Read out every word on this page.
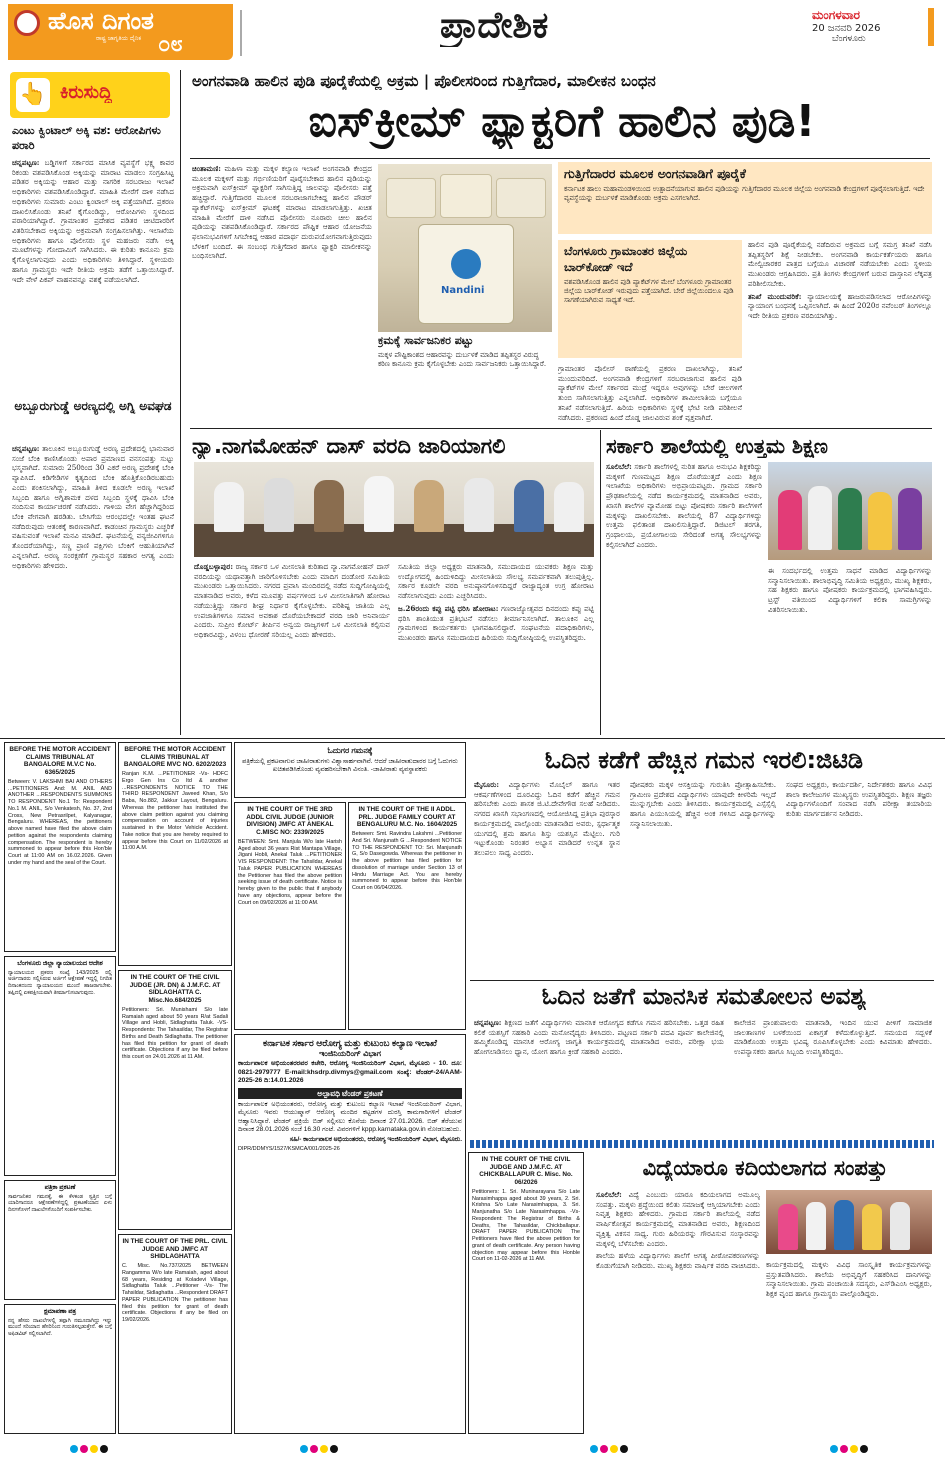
ಹೊಸ ದಿಗಂತ
ರಾಷ್ಟ್ರ ಜಾಗೃತಿಯ ದೈನಿಕ ೦೮	ಪ್ರಾದೇಶಿಕ	ಮಂಗಳವಾರ
20 ಜನವರಿ 2026
ಬೆಂಗಳೂರು
👆 ಕಿರುಸುದ್ದಿ
ಎಂಟು ಕ್ವಿಂಟಾಲ್ ಅಕ್ಕಿ ವಶ: ಆರೋಪಿಗಳು ಪರಾರಿ
ಚನ್ನಪಟ್ಟಣ: ಬಡ್ಡಿಗಳಿಗೆ ಸರ್ಕಾರದ ಮಾಸಿಕ ವ್ಯವಸ್ಥೆಗೆ ಭಕ್ಷ್ಯ ಕಾವರ ರಿಕಂಡು ವಶಪಡಿಸಿಕೊಂಡ ಅಕ್ಕಿಯನ್ನು ಮಾರಾಟ ಮಾಡಲು ಸಂಗ್ರಹಿಸಿಟ್ಟ ಪಡಿತರ ಅಕ್ಕಿಯನ್ನು ಆಹಾರ ಮತ್ತು ನಾಗರಿಕ ಸರಬರಾಜು ಇಲಾಖೆ ಅಧಿಕಾರಿಗಳು ವಶಪಡಿಸಿಕೊಂಡಿದ್ದಾರೆ. ಮಾಹಿತಿ ಮೇರೆಗೆ ದಾಳಿ ನಡೆಸಿದ ಅಧಿಕಾರಿಗಳು ಸುಮಾರು ಎಂಟು ಕ್ವಿಂಟಾಲ್ ಅಕ್ಕಿ ಪತ್ತೆಯಾಗಿದೆ. ಪ್ರಕರಣ ದಾಖಲಿಸಿಕೊಂಡು ತನಿಖೆ ಕೈಗೊಂಡಿದ್ದು, ಆರೋಪಿಗಳು ಸ್ಥಳದಿಂದ ಪರಾರಿಯಾಗಿದ್ದಾರೆ. ಗ್ರಾಮಾಂತರ ಪ್ರದೇಶದ ಪಡಿತರ ಚೀಟಿದಾರರಿಗೆ ವಿತರಿಸಬೇಕಾದ ಅಕ್ಕಿಯನ್ನು ಅಕ್ರಮವಾಗಿ ಸಂಗ್ರಹಿಸಲಾಗಿತ್ತು. ಇಲಾಖೆಯ ಅಧಿಕಾರಿಗಳು ಹಾಗೂ ಪೊಲೀಸರು ಸ್ಥಳ ಮಹಜರು ನಡೆಸಿ ಅಕ್ಕಿ ಮೂಟೆಗಳನ್ನು ಗೋದಾಮಿಗೆ ಸಾಗಿಸಿದರು. ಈ ಕುರಿತು ಕಾನೂನು ಕ್ರಮ ಕೈಗೊಳ್ಳಲಾಗುವುದು ಎಂದು ಅಧಿಕಾರಿಗಳು ತಿಳಿಸಿದ್ದಾರೆ. ಸ್ಥಳೀಯರು ಹಾಗೂ ಗ್ರಾಮಸ್ಥರು ಇದೇ ರೀತಿಯ ಅಕ್ರಮ ತಡೆಗೆ ಒತ್ತಾಯಿಸಿದ್ದಾರೆ. ಇದೇ ವೇಳೆ ಪಿಕಪ್ ವಾಹನವನ್ನೂ ವಶಕ್ಕೆ ಪಡೆಯಲಾಗಿದೆ.
ಅಬ್ಬೂರುಗುಡ್ಡೆ ಅರಣ್ಯದಲ್ಲಿ ಅಗ್ನಿ ಅವಘಡ
ಚನ್ನಪಟ್ಟಣ: ತಾಲೂಕಿನ ಅಬ್ಬೂರುಗುಡ್ಡೆ ಅರಣ್ಯ ಪ್ರದೇಶದಲ್ಲಿ ಭಾನುವಾರ ಸಂಜೆ ಬೆಂಕಿ ಕಾಣಿಸಿಕೊಂಡು ಅಪಾರ ಪ್ರಮಾಣದ ವನಸಂಪತ್ತು ಸುಟ್ಟು ಭಸ್ಮವಾಗಿದೆ. ಸುಮಾರು 250ರಿಂದ 30 ಎಕರೆ ಅರಣ್ಯ ಪ್ರದೇಶಕ್ಕೆ ಬೆಂಕಿ ವ್ಯಾಪಿಸಿದೆ. ಕಿಡಿಗೇಡಿಗಳ ಕೃತ್ಯದಿಂದ ಬೆಂಕಿ ಹೊತ್ತಿಕೊಂಡಿರಬಹುದು ಎಂದು ಶಂಕಿಸಲಾಗಿದ್ದು, ಮಾಹಿತಿ ತಿಳಿದ ಕೂಡಲೇ ಅರಣ್ಯ ಇಲಾಖೆ ಸಿಬ್ಬಂದಿ ಹಾಗೂ ಅಗ್ನಿಶಾಮಕ ದಳದ ಸಿಬ್ಬಂದಿ ಸ್ಥಳಕ್ಕೆ ಧಾವಿಸಿ ಬೆಂಕಿ ನಂದಿಸುವ ಕಾರ್ಯಾಚರಣೆ ನಡೆಸಿದರು. ಗಾಳಿಯ ವೇಗ ಹೆಚ್ಚಾಗಿದ್ದರಿಂದ ಬೆಂಕಿ ವೇಗವಾಗಿ ಹರಡಿತು. ಬೇಸಿಗೆಯ ಆರಂಭದಲ್ಲೇ ಇಂತಹ ಘಟನೆ ನಡೆದಿರುವುದು ಆತಂಕಕ್ಕೆ ಕಾರಣವಾಗಿದೆ. ಕಾಡಂಚಿನ ಗ್ರಾಮಸ್ಥರು ಎಚ್ಚರಿಕೆ ವಹಿಸುವಂತೆ ಇಲಾಖೆ ಮನವಿ ಮಾಡಿದೆ. ಘಟನೆಯಲ್ಲಿ ವನ್ಯಜೀವಿಗಳಿಗೂ ತೊಂದರೆಯಾಗಿದ್ದು, ಸಣ್ಣ ಪ್ರಾಣಿ ಪಕ್ಷಿಗಳು ಬೆಂಕಿಗೆ ಆಹುತಿಯಾಗಿವೆ ಎನ್ನಲಾಗಿದೆ. ಅರಣ್ಯ ಸಂರಕ್ಷಣೆಗೆ ಗ್ರಾಮಸ್ಥರ ಸಹಕಾರ ಅಗತ್ಯ ಎಂದು ಅಧಿಕಾರಿಗಳು ಹೇಳಿದರು.
ಅಂಗನವಾಡಿ ಹಾಲಿನ ಪುಡಿ ಪೂರೈಕೆಯಲ್ಲಿ ಅಕ್ರಮ | ಪೊಲೀಸರಿಂದ ಗುತ್ತಿಗೆದಾರ, ಮಾಲೀಕನ ಬಂಧನ
ಐಸ್‌ಕ್ರೀಮ್ ಫ್ಯಾಕ್ಟರಿಗೆ ಹಾಲಿನ ಪುಡಿ!
ಚಿಂತಾಮಣಿ: ಮಹಿಳಾ ಮತ್ತು ಮಕ್ಕಳ ಕಲ್ಯಾಣ ಇಲಾಖೆ ಅಂಗನವಾಡಿ ಕೇಂದ್ರದ ಮೂಲಕ ಮಕ್ಕಳಿಗೆ ಮತ್ತು ಗರ್ಭಿಣಿಯರಿಗೆ ಪೂರೈಸಬೇಕಾದ ಹಾಲಿನ ಪುಡಿಯನ್ನು ಅಕ್ರಮವಾಗಿ ಐಸ್‌ಕ್ರೀಮ್ ಫ್ಯಾಕ್ಟರಿಗೆ ಸಾಗಿಸುತ್ತಿದ್ದ ಜಾಲವನ್ನು ಪೊಲೀಸರು ಪತ್ತೆ ಹಚ್ಚಿದ್ದಾರೆ. ಗುತ್ತಿಗೆದಾರರ ಮೂಲಕ ಸರಬರಾಜಾಗಬೇಕಿದ್ದ ಹಾಲಿನ ಪೌಡರ್ ಪ್ಯಾಕೆಟ್‌ಗಳನ್ನು ಐಸ್‌ಕ್ರೀಮ್ ಘಟಕಕ್ಕೆ ಮಾರಾಟ ಮಾಡಲಾಗುತ್ತಿತ್ತು. ಖಚಿತ ಮಾಹಿತಿ ಮೇರೆಗೆ ದಾಳಿ ನಡೆಸಿದ ಪೊಲೀಸರು ನೂರಾರು ಚೀಲ ಹಾಲಿನ ಪುಡಿಯನ್ನು ವಶಪಡಿಸಿಕೊಂಡಿದ್ದಾರೆ. ಸರ್ಕಾರದ ಪೌಷ್ಟಿಕ ಆಹಾರ ಯೋಜನೆಯ ಫಲಾನುಭವಿಗಳಿಗೆ ಸಿಗಬೇಕಿದ್ದ ಆಹಾರ ಪದಾರ್ಥ ದುರುಪಯೋಗವಾಗುತ್ತಿರುವುದು ಬೆಳಕಿಗೆ ಬಂದಿದೆ. ಈ ಸಂಬಂಧ ಗುತ್ತಿಗೆದಾರ ಹಾಗೂ ಫ್ಯಾಕ್ಟರಿ ಮಾಲೀಕನನ್ನು ಬಂಧಿಸಲಾಗಿದೆ.
Nandini
ಕ್ರಮಕ್ಕೆ ಸಾರ್ವಜನಿಕರ ಪಟ್ಟು
ಮಕ್ಕಳ ಪೌಷ್ಟಿಕಾಂಶದ ಆಹಾರವನ್ನು ದುರ್ಬಳಕೆ ಮಾಡಿದ ತಪ್ಪಿತಸ್ಥರ ವಿರುದ್ಧ ಕಠಿಣ ಕಾನೂನು ಕ್ರಮ ಕೈಗೊಳ್ಳಬೇಕು ಎಂದು ಸಾರ್ವಜನಿಕರು ಒತ್ತಾಯಿಸಿದ್ದಾರೆ.
ಗುತ್ತಿಗೆದಾರರ ಮೂಲಕ ಅಂಗನವಾಡಿಗೆ ಪೂರೈಕೆ
ಕರ್ನಾಟಕ ಹಾಲು ಮಹಾಮಂಡಳಿಯಿಂದ ಉತ್ಪಾದನೆಯಾಗುವ ಹಾಲಿನ ಪುಡಿಯನ್ನು ಗುತ್ತಿಗೆದಾರರ ಮೂಲಕ ಜಿಲ್ಲೆಯ ಅಂಗನವಾಡಿ ಕೇಂದ್ರಗಳಿಗೆ ಪೂರೈಸಲಾಗುತ್ತಿದೆ. ಇದೇ ವ್ಯವಸ್ಥೆಯನ್ನು ದುರ್ಬಳಕೆ ಮಾಡಿಕೊಂಡು ಅಕ್ರಮ ಎಸಗಲಾಗಿದೆ.
ಬೆಂಗಳೂರು ಗ್ರಾಮಾಂತರ ಜಿಲ್ಲೆಯ ಬಾರ್‌ಕೋಡ್ ಇದೆ
ವಶಪಡಿಸಿಕೊಂಡ ಹಾಲಿನ ಪುಡಿ ಪ್ಯಾಕೆಟ್‌ಗಳ ಮೇಲೆ ಬೆಂಗಳೂರು ಗ್ರಾಮಾಂತರ ಜಿಲ್ಲೆಯ ಬಾರ್‌ಕೋಡ್ ಇರುವುದು ಪತ್ತೆಯಾಗಿದೆ. ಬೇರೆ ಜಿಲ್ಲೆಯಿಂದಲೂ ಪುಡಿ ಸಾಗಣೆಯಾಗಿರುವ ಸಾಧ್ಯತೆ ಇದೆ.
ಗ್ರಾಮಾಂತರ ಪೊಲೀಸ್ ಠಾಣೆಯಲ್ಲಿ ಪ್ರಕರಣ ದಾಖಲಾಗಿದ್ದು, ತನಿಖೆ ಮುಂದುವರಿದಿದೆ. ಅಂಗನವಾಡಿ ಕೇಂದ್ರಗಳಿಗೆ ಸರಬರಾಜಾಗುವ ಹಾಲಿನ ಪುಡಿ ಪ್ಯಾಕೆಟ್‌ಗಳ ಮೇಲೆ ಸರ್ಕಾರದ ಮುದ್ರೆ ಇದ್ದರೂ ಅವುಗಳನ್ನು ಬೇರೆ ಚೀಲಗಳಿಗೆ ತುಂಬಿ ಸಾಗಿಸಲಾಗುತ್ತಿತ್ತು ಎನ್ನಲಾಗಿದೆ. ಅಧಿಕಾರಿಗಳ ಶಾಮೀಲಾತಿಯ ಬಗ್ಗೆಯೂ ತನಿಖೆ ನಡೆಸಲಾಗುತ್ತಿದೆ. ಹಿರಿಯ ಅಧಿಕಾರಿಗಳು ಸ್ಥಳಕ್ಕೆ ಭೇಟಿ ನೀಡಿ ಪರಿಶೀಲನೆ ನಡೆಸಿದರು. ಪ್ರಕರಣದ ಹಿಂದೆ ದೊಡ್ಡ ಜಾಲವಿರುವ ಶಂಕೆ ವ್ಯಕ್ತವಾಗಿದೆ.
ಹಾಲಿನ ಪುಡಿ ಪೂರೈಕೆಯಲ್ಲಿ ನಡೆದಿರುವ ಅಕ್ರಮದ ಬಗ್ಗೆ ಸಮಗ್ರ ತನಿಖೆ ನಡೆಸಿ ತಪ್ಪಿತಸ್ಥರಿಗೆ ಶಿಕ್ಷೆ ನೀಡಬೇಕು. ಅಂಗನವಾಡಿ ಕಾರ್ಯಕರ್ತೆಯರು ಹಾಗೂ ಮೇಲ್ವಿಚಾರಕರ ಪಾತ್ರದ ಬಗ್ಗೆಯೂ ವಿಚಾರಣೆ ನಡೆಯಬೇಕು ಎಂದು ಸ್ಥಳೀಯ ಮುಖಂಡರು ಆಗ್ರಹಿಸಿದರು. ಪ್ರತಿ ತಿಂಗಳು ಕೇಂದ್ರಗಳಿಗೆ ಬರುವ ದಾಸ್ತಾನಿನ ಲೆಕ್ಕಪತ್ರ ಪರಿಶೀಲಿಸಬೇಕು.

ತನಿಖೆ ಮುಂದುವರಿಕೆ: ನ್ಯಾಯಾಲಯಕ್ಕೆ ಹಾಜರುಪಡಿಸಲಾದ ಆರೋಪಿಗಳನ್ನು ನ್ಯಾಯಾಂಗ ಬಂಧನಕ್ಕೆ ಒಪ್ಪಿಸಲಾಗಿದೆ. ಈ ಹಿಂದೆ 2020ರ ನವೆಂಬರ್ ತಿಂಗಳಲ್ಲೂ ಇದೇ ರೀತಿಯ ಪ್ರಕರಣ ವರದಿಯಾಗಿತ್ತು.

ನ್ಯಾ.ನಾಗಮೋಹನ್ ದಾಸ್ ವರದಿ ಜಾರಿಯಾಗಲಿ
ದೊಡ್ಡಬಳ್ಳಾಪುರ: ರಾಜ್ಯ ಸರ್ಕಾರ ಒಳ ಮೀಸಲಾತಿ ಕುರಿತಾದ ನ್ಯಾ.ನಾಗಮೋಹನ್ ದಾಸ್ ವರದಿಯನ್ನು ಯಥಾವತ್ತಾಗಿ ಜಾರಿಗೊಳಿಸಬೇಕು ಎಂದು ಮಾದಿಗ ದಂಡೋರ ಸಮಿತಿಯ ಮುಖಂಡರು ಒತ್ತಾಯಿಸಿದರು. ನಗರದ ಪ್ರವಾಸಿ ಮಂದಿರದಲ್ಲಿ ನಡೆದ ಸುದ್ದಿಗೋಷ್ಠಿಯಲ್ಲಿ ಮಾತನಾಡಿದ ಅವರು, ಕಳೆದ ಮೂವತ್ತು ವರ್ಷಗಳಿಂದ ಒಳ ಮೀಸಲಾತಿಗಾಗಿ ಹೋರಾಟ ನಡೆಯುತ್ತಿದ್ದು ಸರ್ಕಾರ ಶೀಘ್ರ ನಿರ್ಧಾರ ಕೈಗೊಳ್ಳಬೇಕು. ಪರಿಶಿಷ್ಟ ಜಾತಿಯ ಎಲ್ಲ ಉಪಜಾತಿಗಳಿಗೂ ಸಮಾನ ಅವಕಾಶ ದೊರೆಯಬೇಕಾದರೆ ವರದಿ ಜಾರಿ ಅನಿವಾರ್ಯ ಎಂದರು. ಸುಪ್ರೀಂ ಕೋರ್ಟ್ ತೀರ್ಪಿನ ಅನ್ವಯ ರಾಜ್ಯಗಳಿಗೆ ಒಳ ಮೀಸಲಾತಿ ಕಲ್ಪಿಸುವ ಅಧಿಕಾರವಿದ್ದು, ವಿಳಂಬ ಧೋರಣೆ ಸರಿಯಲ್ಲ ಎಂದು ಹೇಳಿದರು.
ಸಮಿತಿಯ ಜಿಲ್ಲಾ ಅಧ್ಯಕ್ಷರು ಮಾತನಾಡಿ, ಸಮುದಾಯದ ಯುವಕರು ಶಿಕ್ಷಣ ಮತ್ತು ಉದ್ಯೋಗದಲ್ಲಿ ಹಿಂದುಳಿದಿದ್ದು ಮೀಸಲಾತಿಯ ಸೌಲಭ್ಯ ಸಮರ್ಪಕವಾಗಿ ತಲುಪುತ್ತಿಲ್ಲ. ಸರ್ಕಾರ ಕೂಡಲೇ ವರದಿ ಅನುಷ್ಠಾನಗೊಳಿಸದಿದ್ದರೆ ರಾಜ್ಯಾದ್ಯಂತ ಉಗ್ರ ಹೋರಾಟ ನಡೆಸಲಾಗುವುದು ಎಂದು ಎಚ್ಚರಿಸಿದರು.

ಜ.26ರಂದು ಕಪ್ಪು ಪಟ್ಟಿ ಧರಿಸಿ ಹೋರಾಟ: ಗಣರಾಜ್ಯೋತ್ಸವದ ದಿನದಂದು ಕಪ್ಪು ಪಟ್ಟಿ ಧರಿಸಿ ಶಾಂತಿಯುತ ಪ್ರತಿಭಟನೆ ನಡೆಸಲು ತೀರ್ಮಾನಿಸಲಾಗಿದೆ. ತಾಲೂಕಿನ ಎಲ್ಲ ಗ್ರಾಮಗಳಿಂದ ಕಾರ್ಯಕರ್ತರು ಭಾಗವಹಿಸಲಿದ್ದಾರೆ. ಸಂಘಟನೆಯ ಪದಾಧಿಕಾರಿಗಳು, ಮುಖಂಡರು ಹಾಗೂ ಸಮುದಾಯದ ಹಿರಿಯರು ಸುದ್ದಿಗೋಷ್ಠಿಯಲ್ಲಿ ಉಪಸ್ಥಿತರಿದ್ದರು.

ಸರ್ಕಾರಿ ಶಾಲೆಯಲ್ಲಿ ಉತ್ತಮ ಶಿಕ್ಷಣ
ಸೂಲಿಬೆಲೆ: ಸರ್ಕಾರಿ ಶಾಲೆಗಳಲ್ಲಿ ನುರಿತ ಹಾಗೂ ಅನುಭವಿ ಶಿಕ್ಷಕರಿದ್ದು ಮಕ್ಕಳಿಗೆ ಗುಣಮಟ್ಟದ ಶಿಕ್ಷಣ ದೊರೆಯುತ್ತದೆ ಎಂದು ಶಿಕ್ಷಣ ಇಲಾಖೆಯ ಅಧಿಕಾರಿಗಳು ಅಭಿಪ್ರಾಯಪಟ್ಟರು. ಗ್ರಾಮದ ಸರ್ಕಾರಿ ಪ್ರೌಢಶಾಲೆಯಲ್ಲಿ ನಡೆದ ಕಾರ್ಯಕ್ರಮದಲ್ಲಿ ಮಾತನಾಡಿದ ಅವರು, ಖಾಸಗಿ ಶಾಲೆಗಳ ವ್ಯಾಮೋಹ ಬಿಟ್ಟು ಪೋಷಕರು ಸರ್ಕಾರಿ ಶಾಲೆಗಳಿಗೆ ಮಕ್ಕಳನ್ನು ದಾಖಲಿಸಬೇಕು. ಶಾಲೆಯಲ್ಲಿ 87 ವಿದ್ಯಾರ್ಥಿಗಳಿದ್ದು ಉತ್ತಮ ಫಲಿತಾಂಶ ದಾಖಲಿಸುತ್ತಿದ್ದಾರೆ. ಡಿಜಿಟಲ್ ತರಗತಿ, ಗ್ರಂಥಾಲಯ, ಪ್ರಯೋಗಾಲಯ ಸೇರಿದಂತೆ ಅಗತ್ಯ ಸೌಲಭ್ಯಗಳನ್ನು ಕಲ್ಪಿಸಲಾಗಿದೆ ಎಂದರು.
ಈ ಸಂದರ್ಭದಲ್ಲಿ ಉತ್ತಮ ಸಾಧನೆ ಮಾಡಿದ ವಿದ್ಯಾರ್ಥಿಗಳನ್ನು ಸನ್ಮಾನಿಸಲಾಯಿತು. ಶಾಲಾಭಿವೃದ್ಧಿ ಸಮಿತಿಯ ಅಧ್ಯಕ್ಷರು, ಮುಖ್ಯ ಶಿಕ್ಷಕರು, ಸಹ ಶಿಕ್ಷಕರು ಹಾಗೂ ಪೋಷಕರು ಕಾರ್ಯಕ್ರಮದಲ್ಲಿ ಭಾಗವಹಿಸಿದ್ದರು. ಟ್ರಸ್ಟ್ ವತಿಯಿಂದ ವಿದ್ಯಾರ್ಥಿಗಳಿಗೆ ಕಲಿಕಾ ಸಾಮಗ್ರಿಗಳನ್ನು ವಿತರಿಸಲಾಯಿತು.
BEFORE THE MOTOR ACCIDENT CLAIMS TRIBUNAL AT BANGALORE M.V.C No. 6365/2025
Between: V. LAKSHMI BAI AND OTHERS ...PETITIONERS And: M. ANIL AND ANOTHER ...RESPONDENTS SUMMONS TO RESPONDENT No.1 To: Respondent No.1 M. ANIL, S/o Venkatesh, No. 37, 2nd Cross, New Petrasrilpet, Kalyanagar, Bengaluru. WHEREAS, the petitioners above named have filed the above claim petition against the respondents claiming compensation. The respondent is hereby summoned to appear before this Hon'ble Court at 11:00 AM on 16.02.2026. Given under my hand and the seal of the Court.
BEFORE THE MOTOR ACCIDENT CLAIMS TRIBUNAL AT BANGALORE MVC NO. 6202/2023
Ranjan K.M. ...PETITIONER -Vs- HDFC Ergo Gen Ins Co ltd & another ...RESPONDENTS NOTICE TO THE THIRD RESPONDENT Javeed Khan, S/o Baba, No.882, Jakkur Layout, Bengaluru. Whereas the petitioner has instituted the above claim petition against you claiming compensation on account of injuries sustained in the Motor Vehicle Accident. Take notice that you are hereby required to appear before this Court on 11/02/2026 at 11:00 A.M.
ಓದುಗರ ಗಮನಕ್ಕೆ
ಪತ್ರಿಕೆಯಲ್ಲಿ ಪ್ರಕಟವಾಗುವ ಜಾಹೀರಾತುಗಳು ವಿಶ್ವಾಸಾರ್ಹವಾಗಿವೆ. ಆದರೆ ಜಾಹೀರಾತುದಾರರ ಬಗ್ಗೆ ಓದುಗರು ಖಚಿತಪಡಿಸಿಕೊಂಡು ವ್ಯವಹರಿಸಬೇಕಾಗಿ ವಿನಂತಿ. -ಜಾಹೀರಾತು ವ್ಯವಸ್ಥಾಪಕರು
IN THE COURT OF THE 3RD ADDL CIVIL JUDGE (JUNIOR DIVISION) JMFC AT ANEKAL C.MISC NO: 2339/2025
BETWEEN: Smt. Manjula W/o late Harish Aged about 36 years Rist Mantapa Village, Jigani Hobli, Anekal Taluk ...PETITIONER VIS RESPONDENT: The Tahsildar, Anekal Taluk PAPER PUBLICATION WHEREAS the Petitioner has filed the above petition seeking issue of death certificate. Notice is hereby given to the public that if anybody have any objections, appear before the Court on 09/02/2026 at 11:00 AM.
IN THE COURT OF THE II ADDL. PRL. JUDGE FAMILY COURT AT BENGALURU M.C. No. 1604/2025
Between: Smt. Ravindra Lakshmi ...Petitioner And Sri. Manjunath G ...Respondent NOTICE TO THE RESPONDENT TO: Sri. Manjunath G, S/o Dasegowda. Whereas the petitioner in the above petition has filed petition for dissolution of marriage under Section 13 of Hindu Marriage Act. You are hereby summoned to appear before this Hon'ble Court on 06/04/2026.
IN THE COURT OF THE CIVIL JUDGE (JR. DN) & J.M.F.C. AT SIDLAGHATTA C. Misc.No.684/2025
Petitioners: Sri. Munishami S/o late Ramaiah aged about 50 years R/at Sadali Village and Hobli, Sidlaghatta Taluk. -VS- Respondents: The Tahasildar, The Registrar Births and Death Sidlaghatta. The petitioner has filed this petition for grant of death certificate. Objections if any be filed before this court on 24.01.2026 at 11 AM.
ಬೆಂಗಳೂರು ಜಿಲ್ಲಾ ನ್ಯಾಯಾಲಯದ ಆದೇಶ
ನ್ಯಾಯಾಲಯದ ಪ್ರಕರಣ ಸಂಖ್ಯೆ 143/2025 ರಲ್ಲಿ ಅರ್ಜಿದಾರರು ಸಲ್ಲಿಸಿರುವ ಅರ್ಜಿಗೆ ಆಕ್ಷೇಪಣೆ ಇದ್ದಲ್ಲಿ ನಿಗದಿತ ದಿನಾಂಕದಂದು ನ್ಯಾಯಾಲಯದ ಮುಂದೆ ಹಾಜರಾಗಬೇಕು. ತಪ್ಪಿದಲ್ಲಿ ಏಕಪಕ್ಷೀಯವಾಗಿ ತೀರ್ಮಾನಿಸಲಾಗುವುದು.
ಪತ್ರಿಕಾ ಪ್ರಕಟಣೆ
ಸಾರ್ವಜನಿಕರ ಗಮನಕ್ಕೆ, ಈ ಕೆಳಕಂಡ ಸ್ವತ್ತಿನ ಬಗ್ಗೆ ಯಾರಿಗಾದರೂ ಆಕ್ಷೇಪಣೆಗಳಿದ್ದಲ್ಲಿ ಪ್ರಕಟಣೆಯಾದ ಏಳು ದಿನಗಳೊಳಗೆ ದಾಖಲೆಗಳೊಂದಿಗೆ ಸಂಪರ್ಕಿಸಬೇಕು.
ಕ್ಷಮಾಪಣಾ ಪತ್ರ
ನನ್ನ ಹೆಸರು ದಾಖಲೆಗಳಲ್ಲಿ ತಪ್ಪಾಗಿ ನಮೂದಾಗಿದ್ದು ಇನ್ನು ಮುಂದೆ ಸರಿಯಾದ ಹೆಸರಿನಿಂದ ಗುರುತಿಸಲ್ಪಡುತ್ತೇನೆ. ಈ ಬಗ್ಗೆ ಅಫಿಡವಿಟ್ ಸಲ್ಲಿಸಲಾಗಿದೆ.
ಕರ್ನಾಟಕ ಸರ್ಕಾರ ಆರೋಗ್ಯ ಮತ್ತು ಕುಟುಂಬ ಕಲ್ಯಾಣ ಇಲಾಖೆ
ಇಂಜಿನಿಯರಿಂಗ್ ವಿಭಾಗ
ಕಾರ್ಯಪಾಲಕ ಅಭಿಯಂತರರವರ ಕಚೇರಿ, ಆರೋಗ್ಯ ಇಂಜಿನಿಯರಿಂಗ್ ವಿಭಾಗ, ಮೈಸೂರು - 10. ದೂ: 0821-2979777 E-mail:khsdrp.divmys@gmail.com ಸಂಖ್ಯೆ: ಟೆಂಡರ್-24/AAM-2025-26 ದಿ:14.01.2026
ಅಲ್ಪಾವಧಿ ಟೆಂಡರ್ ಪ್ರಕಟಣೆ
ಕಾರ್ಯಪಾಲಕ ಅಭಿಯಂತರರು, ಆರೋಗ್ಯ ಮತ್ತು ಕುಟುಂಬ ಕಲ್ಯಾಣ ಇಲಾಖೆ ಇಂಜಿನಿಯರಿಂಗ್ ವಿಭಾಗ, ಮೈಸೂರು ಇವರು ಆಯುಷ್ಮಾನ್ ಆರೋಗ್ಯ ಮಂದಿರ ಕಟ್ಟಡಗಳ ದುರಸ್ತಿ ಕಾಮಗಾರಿಗಳಿಗೆ ಟೆಂಡರ್ ಆಹ್ವಾನಿಸಿದ್ದಾರೆ. ಟೆಂಡರ್ ಪ್ರಕ್ರಿಯೆ ಬಿಡ್ ಸಲ್ಲಿಸಲು ಕೊನೆಯ ದಿನಾಂಕ 27.01.2026. ಬಿಡ್ ತೆರೆಯುವ ದಿನಾಂಕ 28.01.2026 ಸಂಜೆ 16.30 ಗಂಟೆ. ವಿವರಗಳಿಗೆ kppp.karnataka.gov.in ನೋಡಬಹುದು.
ಸಹಿ/- ಕಾರ್ಯಪಾಲಕ ಅಭಿಯಂತರರು, ಆರೋಗ್ಯ ಇಂಜಿನಿಯರಿಂಗ್ ವಿಭಾಗ, ಮೈಸೂರು.
DIPR/DDMYS/1527/KSMCA/001/2025-26
IN THE COURT OF THE PRL. CIVIL JUDGE AND JMFC AT SHIDLAGHATTA
C. Misc. No.737/2025 BETWEEN Rangamma W/o late Ramaiah, aged about 68 years, Residing at Koladevi Village, Sidlaghatta Taluk ...Petitioner -Vs- The Tahsildar, Sidlaghatta ...Respondent DRAFT PAPER PUBLICATION The petitioner has filed this petition for grant of death certificate. Objections if any be filed on 19/02/2026.
IN THE COURT OF THE CIVIL JUDGE AND J.M.F.C. AT CHICKBALLAPUR C. Misc. No. 06/2026
Petitioners: 1. Sri. Muninarayana S/o Late Narasimhappa aged about 39 years, 2. Sri. Krishna S/o Late Narasimhappa, 3. Sri. Manjunatha S/o Late Narasimhappa. -Vs- Respondent: The Registrar of Births & Deaths, The Tahasildar, Chickballapur. DRAFT PAPER PUBLICATION The Petitioners have filed the above petition for grant of death certificate. Any person having objection may appear before this Honble Court on 11-02-2026 at 11 AM.
ಓದಿನ ಕಡೆಗೆ ಹೆಚ್ಚಿನ ಗಮನ ಇರಲಿ:ಜಿಟಿಡಿ
ಮೈಸೂರು: ವಿದ್ಯಾರ್ಥಿಗಳು ಮೊಬೈಲ್ ಹಾಗೂ ಇತರ ಆಕರ್ಷಣೆಗಳಿಂದ ದೂರವಿದ್ದು ಓದಿನ ಕಡೆಗೆ ಹೆಚ್ಚಿನ ಗಮನ ಹರಿಸಬೇಕು ಎಂದು ಶಾಸಕ ಜಿ.ಟಿ.ದೇವೇಗೌಡ ಸಲಹೆ ನೀಡಿದರು. ನಗರದ ಖಾಸಗಿ ಸಭಾಂಗಣದಲ್ಲಿ ಆಯೋಜಿಸಿದ್ದ ಪ್ರತಿಭಾ ಪುರಸ್ಕಾರ ಕಾರ್ಯಕ್ರಮದಲ್ಲಿ ಪಾಲ್ಗೊಂಡು ಮಾತನಾಡಿದ ಅವರು, ಸ್ಪರ್ಧಾತ್ಮಕ ಯುಗದಲ್ಲಿ ಶ್ರಮ ಹಾಗೂ ಶಿಸ್ತು ಯಶಸ್ಸಿನ ಮೆಟ್ಟಿಲು. ಗುರಿ ಇಟ್ಟುಕೊಂಡು ನಿರಂತರ ಅಭ್ಯಾಸ ಮಾಡಿದರೆ ಉನ್ನತ ಸ್ಥಾನ ತಲುಪಲು ಸಾಧ್ಯ ಎಂದರು.
ಪೋಷಕರು ಮಕ್ಕಳ ಆಸಕ್ತಿಯನ್ನು ಗುರುತಿಸಿ ಪ್ರೋತ್ಸಾಹಿಸಬೇಕು. ಗ್ರಾಮೀಣ ಪ್ರದೇಶದ ವಿದ್ಯಾರ್ಥಿಗಳು ಯಾವುದೇ ಕೀಳರಿಮೆ ಇಲ್ಲದೆ ಮುನ್ನುಗ್ಗಬೇಕು ಎಂದು ತಿಳಿಸಿದರು. ಕಾರ್ಯಕ್ರಮದಲ್ಲಿ ಎಸ್ಸೆಸ್ಸೆಲ್ಸಿ ಹಾಗೂ ಪಿಯುಸಿಯಲ್ಲಿ ಹೆಚ್ಚಿನ ಅಂಕ ಗಳಿಸಿದ ವಿದ್ಯಾರ್ಥಿಗಳನ್ನು ಸನ್ಮಾನಿಸಲಾಯಿತು.
ಸಂಘದ ಅಧ್ಯಕ್ಷರು, ಕಾರ್ಯದರ್ಶಿ, ನಿರ್ದೇಶಕರು ಹಾಗೂ ವಿವಿಧ ಶಾಲಾ ಕಾಲೇಜುಗಳ ಮುಖ್ಯಸ್ಥರು ಉಪಸ್ಥಿತರಿದ್ದರು. ಶಿಕ್ಷಣ ತಜ್ಞರು ವಿದ್ಯಾರ್ಥಿಗಳೊಂದಿಗೆ ಸಂವಾದ ನಡೆಸಿ ಪರೀಕ್ಷಾ ತಯಾರಿಯ ಕುರಿತು ಮಾರ್ಗದರ್ಶನ ನೀಡಿದರು.
ಓದಿನ ಜತೆಗೆ ಮಾನಸಿಕ ಸಮತೋಲನ ಅವಶ್ಯ
ಚನ್ನಪಟ್ಟಣ: ಶಿಕ್ಷಣದ ಜತೆಗೆ ವಿದ್ಯಾರ್ಥಿಗಳು ಮಾನಸಿಕ ಆರೋಗ್ಯದ ಕಡೆಗೂ ಗಮನ ಹರಿಸಬೇಕು. ಒತ್ತಡ ರಹಿತ ಕಲಿಕೆ ಯಶಸ್ಸಿಗೆ ಸಹಕಾರಿ ಎಂದು ಮನೋವೈದ್ಯರು ತಿಳಿಸಿದರು. ಪಟ್ಟಣದ ಸರ್ಕಾರಿ ಪದವಿ ಪೂರ್ವ ಕಾಲೇಜಿನಲ್ಲಿ ಹಮ್ಮಿಕೊಂಡಿದ್ದ ಮಾನಸಿಕ ಆರೋಗ್ಯ ಜಾಗೃತಿ ಕಾರ್ಯಕ್ರಮದಲ್ಲಿ ಮಾತನಾಡಿದ ಅವರು, ಪರೀಕ್ಷಾ ಭಯ ಹೋಗಲಾಡಿಸಲು ಧ್ಯಾನ, ಯೋಗ ಹಾಗೂ ಕ್ರೀಡೆ ಸಹಕಾರಿ ಎಂದರು.
ಕಾಲೇಜಿನ ಪ್ರಾಂಶುಪಾಲರು ಮಾತನಾಡಿ, ಇಂದಿನ ಯುವ ಪೀಳಿಗೆ ಸಾಮಾಜಿಕ ಜಾಲತಾಣಗಳ ಬಳಕೆಯಿಂದ ಏಕಾಗ್ರತೆ ಕಳೆದುಕೊಳ್ಳುತ್ತಿದೆ. ಸಮಯದ ಸದ್ಬಳಕೆ ಮಾಡಿಕೊಂಡು ಉತ್ತಮ ಭವಿಷ್ಯ ರೂಪಿಸಿಕೊಳ್ಳಬೇಕು ಎಂದು ಕಿವಿಮಾತು ಹೇಳಿದರು. ಉಪನ್ಯಾಸಕರು ಹಾಗೂ ಸಿಬ್ಬಂದಿ ಉಪಸ್ಥಿತರಿದ್ದರು.
ವಿದ್ಯೆಯಾರೂ ಕದಿಯಲಾಗದ ಸಂಪತ್ತು
ಸೂಲಿಬೆಲೆ: ವಿದ್ಯೆ ಎಂಬುದು ಯಾರೂ ಕದಿಯಲಾಗದ ಅಮೂಲ್ಯ ಸಂಪತ್ತು. ಮಕ್ಕಳು ಶ್ರದ್ಧೆಯಿಂದ ಕಲಿತು ಸಮಾಜಕ್ಕೆ ಆಸ್ತಿಯಾಗಬೇಕು ಎಂದು ನಿವೃತ್ತ ಶಿಕ್ಷಕರು ಹೇಳಿದರು. ಗ್ರಾಮದ ಸರ್ಕಾರಿ ಶಾಲೆಯಲ್ಲಿ ನಡೆದ ವಾರ್ಷಿಕೋತ್ಸವ ಕಾರ್ಯಕ್ರಮದಲ್ಲಿ ಮಾತನಾಡಿದ ಅವರು, ಶಿಕ್ಷಣದಿಂದ ವ್ಯಕ್ತಿತ್ವ ವಿಕಸನ ಸಾಧ್ಯ. ಗುರು ಹಿರಿಯರನ್ನು ಗೌರವಿಸುವ ಸಂಸ್ಕಾರವನ್ನು ಮಕ್ಕಳಲ್ಲಿ ಬೆಳೆಸಬೇಕು ಎಂದರು.

ಶಾಲೆಯ ಹಳೆಯ ವಿದ್ಯಾರ್ಥಿಗಳು ಶಾಲೆಗೆ ಅಗತ್ಯ ಪೀಠೋಪಕರಣಗಳನ್ನು ಕೊಡುಗೆಯಾಗಿ ನೀಡಿದರು. ಮುಖ್ಯ ಶಿಕ್ಷಕರು ವಾರ್ಷಿಕ ವರದಿ ವಾಚಿಸಿದರು. ಕಾರ್ಯಕ್ರಮದಲ್ಲಿ ಮಕ್ಕಳು ವಿವಿಧ ಸಾಂಸ್ಕೃತಿಕ ಕಾರ್ಯಕ್ರಮಗಳನ್ನು ಪ್ರಸ್ತುತಪಡಿಸಿದರು. ಶಾಲೆಯ ಅಭಿವೃದ್ಧಿಗೆ ಸಹಕರಿಸಿದ ದಾನಿಗಳನ್ನು ಸನ್ಮಾನಿಸಲಾಯಿತು. ಗ್ರಾಮ ಪಂಚಾಯಿತಿ ಸದಸ್ಯರು, ಎಸ್‌ಡಿಎಂಸಿ ಅಧ್ಯಕ್ಷರು, ಶಿಕ್ಷಕ ವೃಂದ ಹಾಗೂ ಗ್ರಾಮಸ್ಥರು ಪಾಲ್ಗೊಂಡಿದ್ದರು.
